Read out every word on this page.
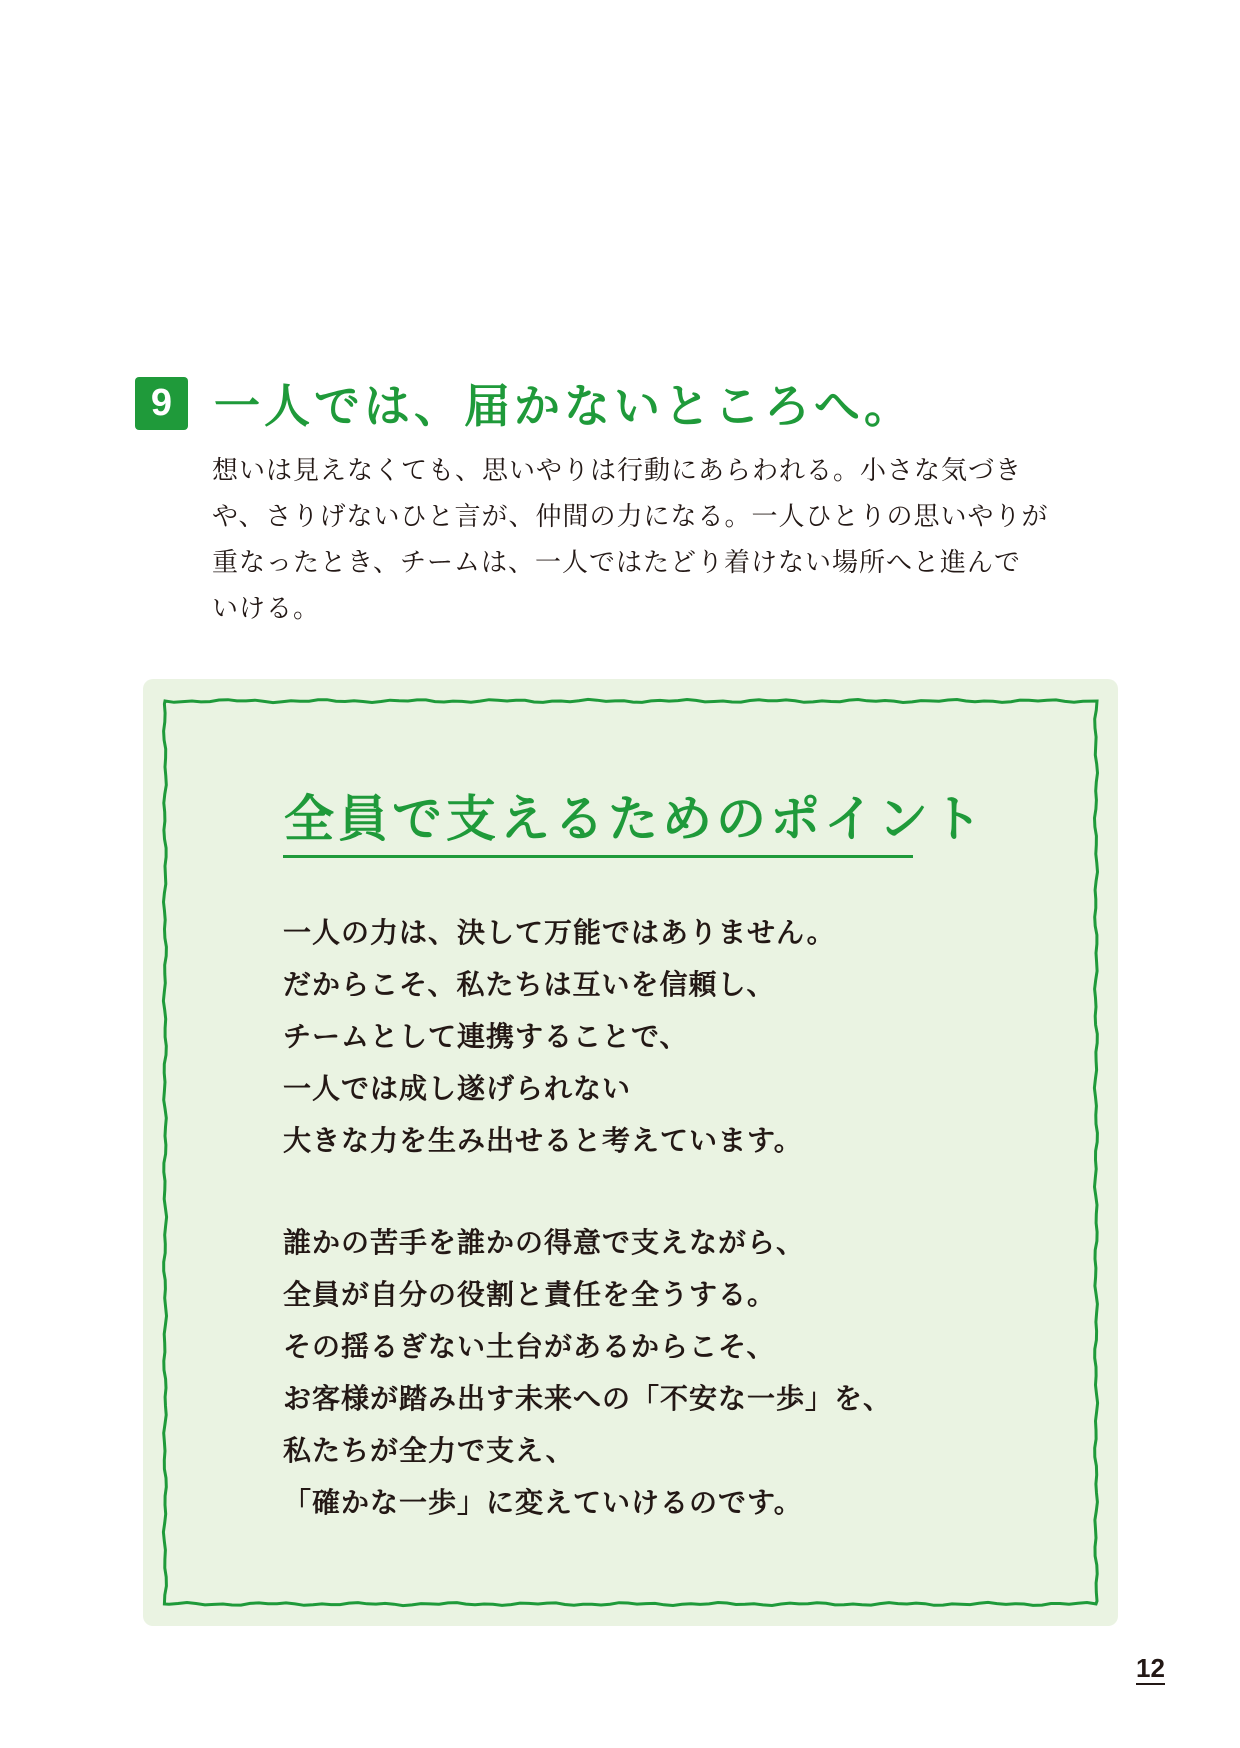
9 一人では、届かないところへ。
想いは見えなくても、思いやりは行動にあらわれる。小さな気づき
や、さりげないひと言が、仲間の力になる。一人ひとりの思いやりが
重なったとき、チームは、一人ではたどり着けない場所へと進んで
いける。
全員で支えるためのポイント
一人の力は、決して万能ではありません。
だからこそ、私たちは互いを信頼し、
チームとして連携することで、
一人では成し遂げられない
大きな力を生み出せると考えています。
誰かの苦手を誰かの得意で支えながら、
全員が自分の役割と責任を全うする。
その揺るぎない土台があるからこそ、
お客様が踏み出す未来への「不安な一歩」を、
私たちが全力で支え、
「確かな一歩」に変えていけるのです。
12
